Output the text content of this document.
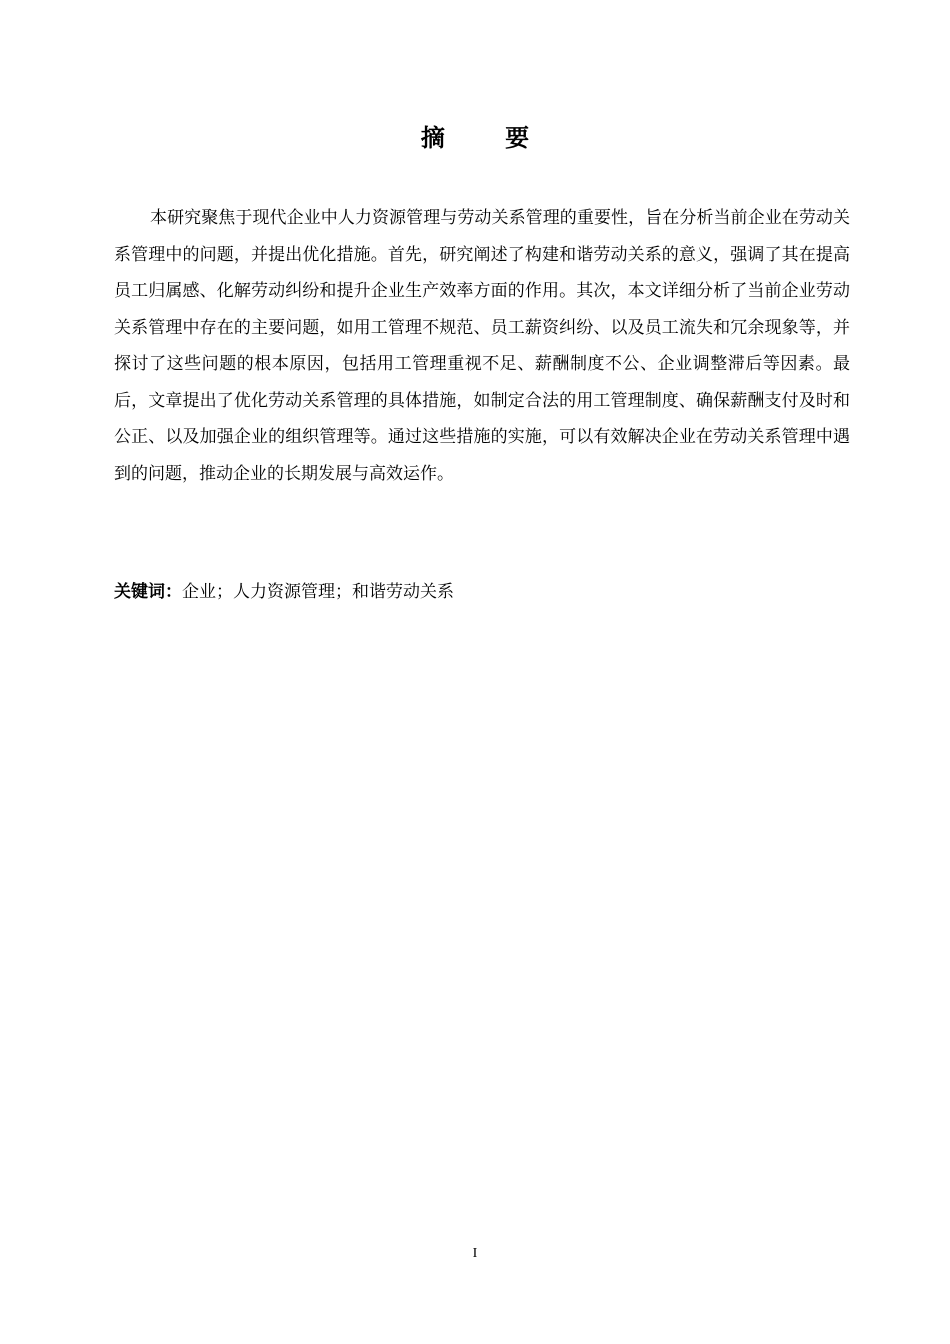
摘 要

本研究聚焦于现代企业中人力资源管理与劳动关系管理的重要性，旨在分析当前企业在劳动关系管理中的问题，并提出优化措施。首先，研究阐述了构建和谐劳动关系的意义，强调了其在提高员工归属感、化解劳动纠纷和提升企业生产效率方面的作用。其次，本文详细分析了当前企业劳动关系管理中存在的主要问题，如用工管理不规范、员工薪资纠纷、以及员工流失和冗余现象等，并探讨了这些问题的根本原因，包括用工管理重视不足、薪酬制度不公、企业调整滞后等因素。最后，文章提出了优化劳动关系管理的具体措施，如制定合法的用工管理制度、确保薪酬支付及时和公正、以及加强企业的组织管理等。通过这些措施的实施，可以有效解决企业在劳动关系管理中遇到的问题，推动企业的长期发展与高效运作。

关键词：企业；人力资源管理；和谐劳动关系

I
